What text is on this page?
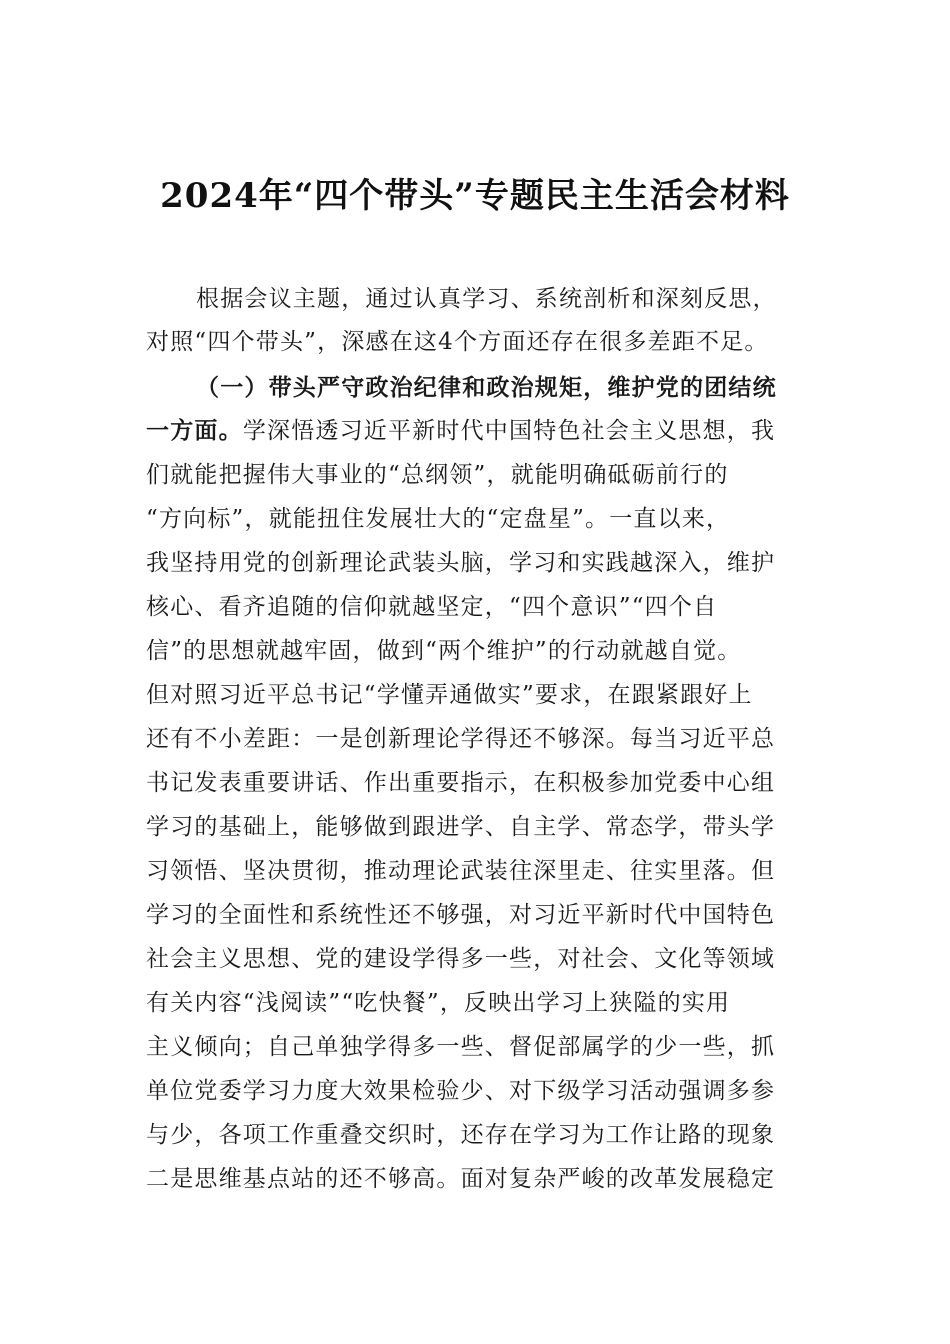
2024年“四个带头”专题民主生活会材料
根据会议主题，通过认真学习、系统剖析和深刻反思，
对照“四个带头”，深感在这4个方面还存在很多差距不足。
（一）带头严守政治纪律和政治规矩，维护党的团结统
一方面。学深悟透习近平新时代中国特色社会主义思想，我
们就能把握伟大事业的“总纲领”，就能明确砥砺前行的
“方向标”，就能扭住发展壮大的“定盘星”。一直以来，
我坚持用党的创新理论武装头脑，学习和实践越深入，维护
核心、看齐追随的信仰就越坚定，“四个意识”“四个自
信”的思想就越牢固，做到“两个维护”的行动就越自觉。
但对照习近平总书记“学懂弄通做实”要求，在跟紧跟好上
还有不小差距：一是创新理论学得还不够深。每当习近平总
书记发表重要讲话、作出重要指示，在积极参加党委中心组
学习的基础上，能够做到跟进学、自主学、常态学，带头学
习领悟、坚决贯彻，推动理论武装往深里走、往实里落。但
学习的全面性和系统性还不够强，对习近平新时代中国特色
社会主义思想、党的建设学得多一些，对社会、文化等领域
有关内容“浅阅读”“吃快餐”，反映出学习上狭隘的实用
主义倾向；自己单独学得多一些、督促部属学的少一些，抓
单位党委学习力度大效果检验少、对下级学习活动强调多参
与少，各项工作重叠交织时，还存在学习为工作让路的现象
二是思维基点站的还不够高。面对复杂严峻的改革发展稳定
